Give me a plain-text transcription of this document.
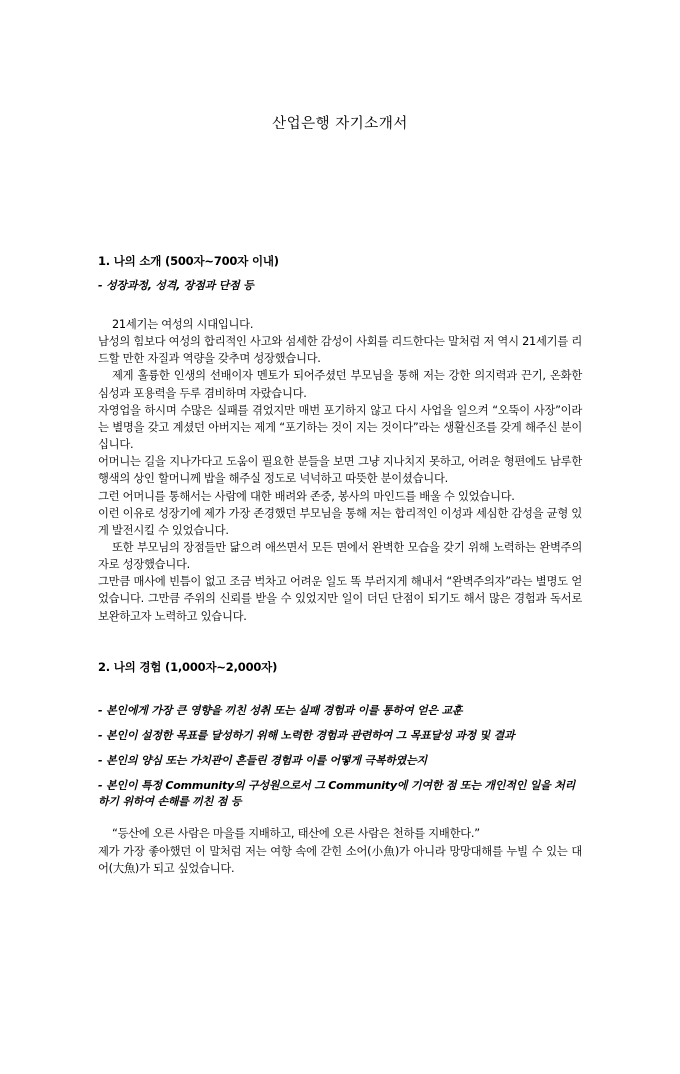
산업은행 자기소개서
1. 나의 소개 (500자~700자 이내)
- 성장과정, 성격, 장점과 단점 등

21세기는 여성의 시대입니다.

남성의 힘보다 여성의 합리적인 사고와 섬세한 감성이 사회를 리드한다는 말처럼 저 역시 21세기를 리드할 만한 자질과 역량을 갖추며 성장했습니다.

제게 훌륭한 인생의 선배이자 멘토가 되어주셨던 부모님을 통해 저는 강한 의지력과 끈기, 온화한 심성과 포용력을 두루 겸비하며 자랐습니다.

자영업을 하시며 수많은 실패를 겪었지만 매번 포기하지 않고 다시 사업을 일으켜 “오뚝이 사장”이라는 별명을 갖고 계셨던 아버지는 제게 “포기하는 것이 지는 것이다”라는 생활신조를 갖게 해주신 분이십니다.

어머니는 길을 지나가다고 도움이 필요한 분들을 보면 그냥 지나치지 못하고, 어려운 형편에도 남루한 행색의 상인 할머니께 밥을 해주실 정도로 넉넉하고 따뜻한 분이셨습니다.

그런 어머니를 통해서는 사람에 대한 배려와 존중, 봉사의 마인드를 배울 수 있었습니다.

이런 이유로 성장기에 제가 가장 존경했던 부모님을 통해 저는 합리적인 이성과 세심한 감성을 균형 있게 발전시킬 수 있었습니다.

또한 부모님의 장점들만 닮으려 애쓰면서 모든 면에서 완벽한 모습을 갖기 위해 노력하는 완벽주의자로 성장했습니다.

그만큼 매사에 빈틈이 없고 조금 벅차고 어려운 일도 똑 부러지게 해내서 “완벽주의자”라는 별명도 얻었습니다. 그만큼 주위의 신뢰를 받을 수 있었지만 일이 더딘 단점이 되기도 해서 많은 경험과 독서로 보완하고자 노력하고 있습니다.

2. 나의 경험 (1,000자~2,000자)
- 본인에게 가장 큰 영향을 끼친 성취 또는 실패 경험과 이를 통하여 얻은 교훈
- 본인이 설정한 목표를 달성하기 위해 노력한 경험과 관련하여 그 목표달성 과정 및 결과
- 본인의 양심 또는 가치관이 흔들린 경험과 이를 어떻게 극복하였는지
- 본인이 특정 Community의 구성원으로서 그 Community에 기여한 점 또는 개인적인 일을 처리하기 위하여 손해를 끼친 점 등

“등산에 오른 사람은 마을를 지배하고, 태산에 오른 사람은 천하를 지배한다.”

제가 가장 좋아했던 이 말처럼 저는 여항 속에 갇힌 소어(小魚)가 아니라 망망대해를 누빌 수 있는 대어(大魚)가 되고 싶었습니다.
